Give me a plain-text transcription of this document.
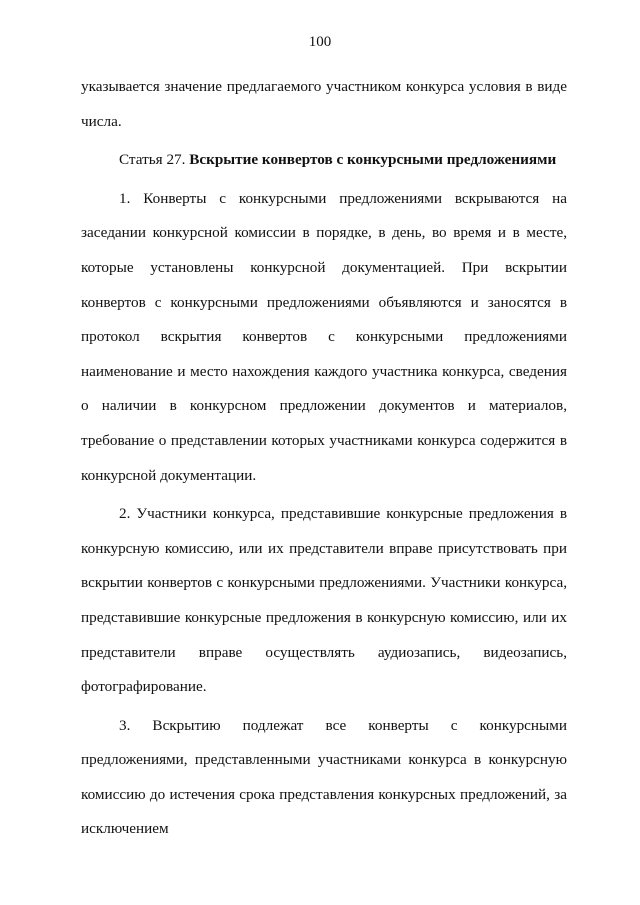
100

указывается значение предлагаемого участником конкурса условия в виде числа.

Статья 27. Вскрытие конвертов с конкурсными предложениями

1. Конверты с конкурсными предложениями вскрываются на заседании конкурсной комиссии в порядке, в день, во время и в месте, которые установлены конкурсной документацией. При вскрытии конвертов с конкурсными предложениями объявляются и заносятся в протокол вскрытия конвертов с конкурсными предложениями наименование и место нахождения каждого участника конкурса, сведения о наличии в конкурсном предложении документов и материалов, требование о представлении которых участниками конкурса содержится в конкурсной документации.

2. Участники конкурса, представившие конкурсные предложения в конкурсную комиссию, или их представители вправе присутствовать при вскрытии конвертов с конкурсными предложениями. Участники конкурса, представившие конкурсные предложения в конкурсную комиссию, или их представители вправе осуществлять аудиозапись, видеозапись, фотографирование.

3. Вскрытию подлежат все конверты с конкурсными предложениями, представленными участниками конкурса в конкурсную комиссию до истечения срока представления конкурсных предложений, за исключением
